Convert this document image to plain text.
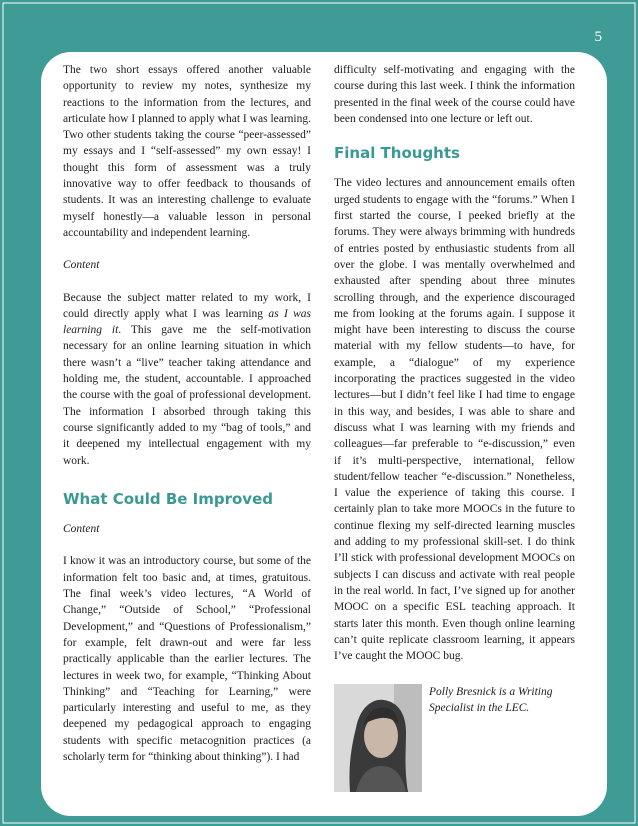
5

The two short essays offered another valuable opportunity to review my notes, synthesize my reactions to the information from the lectures, and articulate how I planned to apply what I was learning. Two other students taking the course “peer-assessed” my essays and I “self-assessed” my own essay! I thought this form of assessment was a truly innovative way to offer feedback to thousands of students. It was an interesting challenge to evaluate myself honestly—a valuable lesson in personal accountability and independent learning.

Content

Because the subject matter related to my work, I could directly apply what I was learning as I was learning it. This gave me the self-motivation necessary for an online learning situation in which there wasn’t a “live” teacher taking attendance and holding me, the student, accountable. I approached the course with the goal of professional development. The information I absorbed through taking this course significantly added to my “bag of tools,” and it deepened my intellectual engagement with my work.

What Could Be Improved

Content

I know it was an introductory course, but some of the information felt too basic and, at times, gratuitous. The final week’s video lectures, “A World of Change,” “Outside of School,” “Professional Development,” and “Questions of Professionalism,” for example, felt drawn-out and were far less practically applicable than the earlier lectures. The lectures in week two, for example, “Thinking About Thinking” and “Teaching for Learning,” were particularly interesting and useful to me, as they deepened my pedagogical approach to engaging students with specific metacognition practices (a scholarly term for “thinking about thinking”). I had

difficulty self-motivating and engaging with the course during this last week. I think the information presented in the final week of the course could have been condensed into one lecture or left out.

Final Thoughts

The video lectures and announcement emails often urged students to engage with the “forums.” When I first started the course, I peeked briefly at the forums. They were always brimming with hundreds of entries posted by enthusiastic students from all over the globe. I was mentally overwhelmed and exhausted after spending about three minutes scrolling through, and the experience discouraged me from looking at the forums again. I suppose it might have been interesting to discuss the course material with my fellow students—to have, for example, a “dialogue” of my experience incorporating the practices suggested in the video lectures—but I didn’t feel like I had time to engage in this way, and besides, I was able to share and discuss what I was learning with my friends and colleagues—far preferable to “e-discussion,” even if it’s multi-perspective, international, fellow student/fellow teacher “e-discussion.” Nonetheless, I value the experience of taking this course. I certainly plan to take more MOOCs in the future to continue flexing my self-directed learning muscles and adding to my professional skill-set. I do think I’ll stick with professional development MOOCs on subjects I can discuss and activate with real people in the real world. In fact, I’ve signed up for another MOOC on a specific ESL teaching approach. It starts later this month. Even though online learning can’t quite replicate classroom learning, it appears I’ve caught the MOOC bug.

Polly Bresnick is a Writing Specialist in the LEC.
